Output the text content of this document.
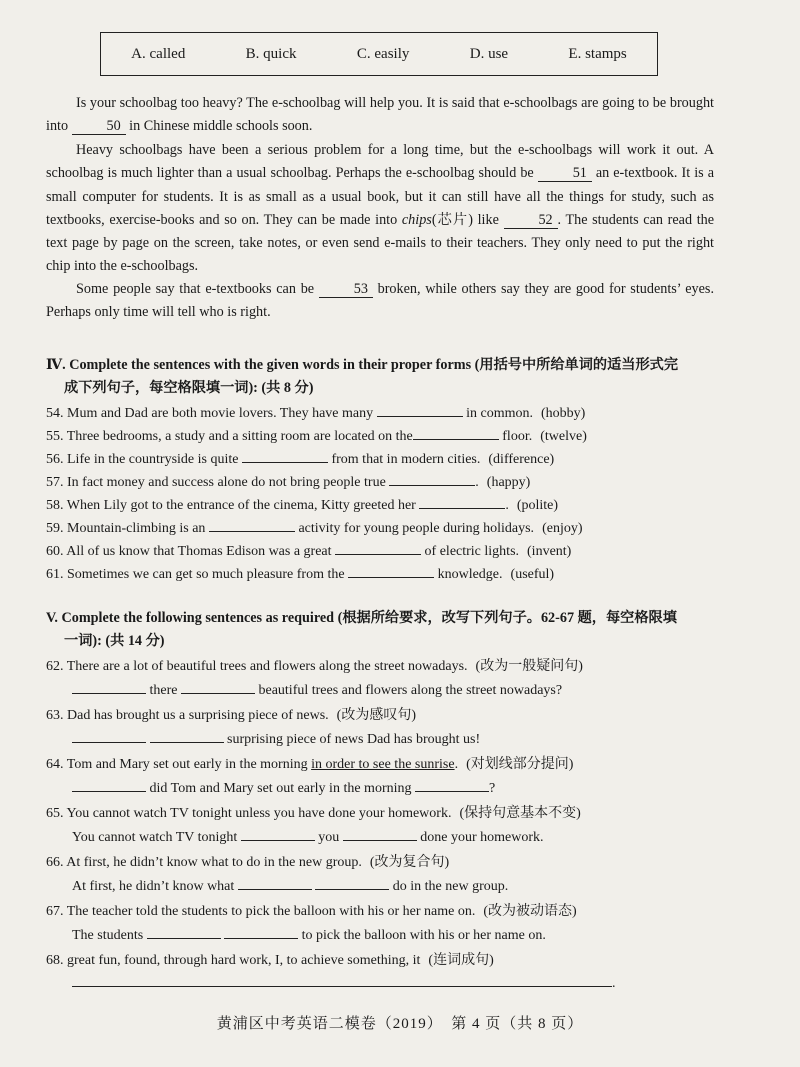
A. called	B. quick	C. easily	D. use	E. stamps
Is your schoolbag too heavy? The e-schoolbag will help you. It is said that e-schoolbags are going to be brought into	50 in Chinese middle schools soon.
Heavy schoolbags have been a serious problem for a long time, but the e-schoolbags will work it out. A schoolbag is much lighter than a usual schoolbag. Perhaps the e-schoolbag should be	51 an e-textbook. It is a small computer for students. It is as small as a usual book, but it can still have all the things for study, such as textbooks, exercise-books and so on. They can be made into chips(芯片) like	52 . The students can read the text page by page on the screen, take notes, or even send e-mails to their teachers. They only need to put the right chip into the e-schoolbags.
Some people say that e-textbooks can be	53 broken, while others say they are good for students’ eyes. Perhaps only time will tell who is right.
Ⅳ. Complete the sentences with the given words in their proper forms (用括号中所给单词的适当形式完
成下列句子，每空格限填一词): (共 8 分)
54. Mum and Dad are both movie lovers. They have many	in common. (hobby)
55. Three bedrooms, a study and a sitting room are located on the	floor. (twelve)
56. Life in the countryside is quite	from that in modern cities. (difference)
57. In fact money and success alone do not bring people true	. (happy)
58. When Lily got to the entrance of the cinema, Kitty greeted her	. (polite)
59. Mountain-climbing is an	activity for young people during holidays. (enjoy)
60. All of us know that Thomas Edison was a great	of electric lights. (invent)
61. Sometimes we can get so much pleasure from the	knowledge. (useful)
V. Complete the following sentences as required (根据所给要求，改写下列句子。62-67 题，每空格限填
一词): (共 14 分)
62. There are a lot of beautiful trees and flowers along the street nowadays. (改为一般疑问句)
there	beautiful trees and flowers along the street nowadays?
63. Dad has brought us a surprising piece of news. (改为感叹句)
surprising piece of news Dad has brought us!
64. Tom and Mary set out early in the morning in order to see the sunrise. (对划线部分提问)
did Tom and Mary set out early in the morning	?
65. You cannot watch TV tonight unless you have done your homework. (保持句意基本不变)
You cannot watch TV tonight	you	done your homework.
66. At first, he didn’t know what to do in the new group. (改为复合句)
At first, he didn’t know what	do in the new group.
67. The teacher told the students to pick the balloon with his or her name on. (改为被动语态)
The students	to pick the balloon with his or her name on.
68. great fun, found, through hard work, I, to achieve something, it (连词成句)
.
黄浦区中考英语二模卷（2019）　第 4 页（共 8 页）
